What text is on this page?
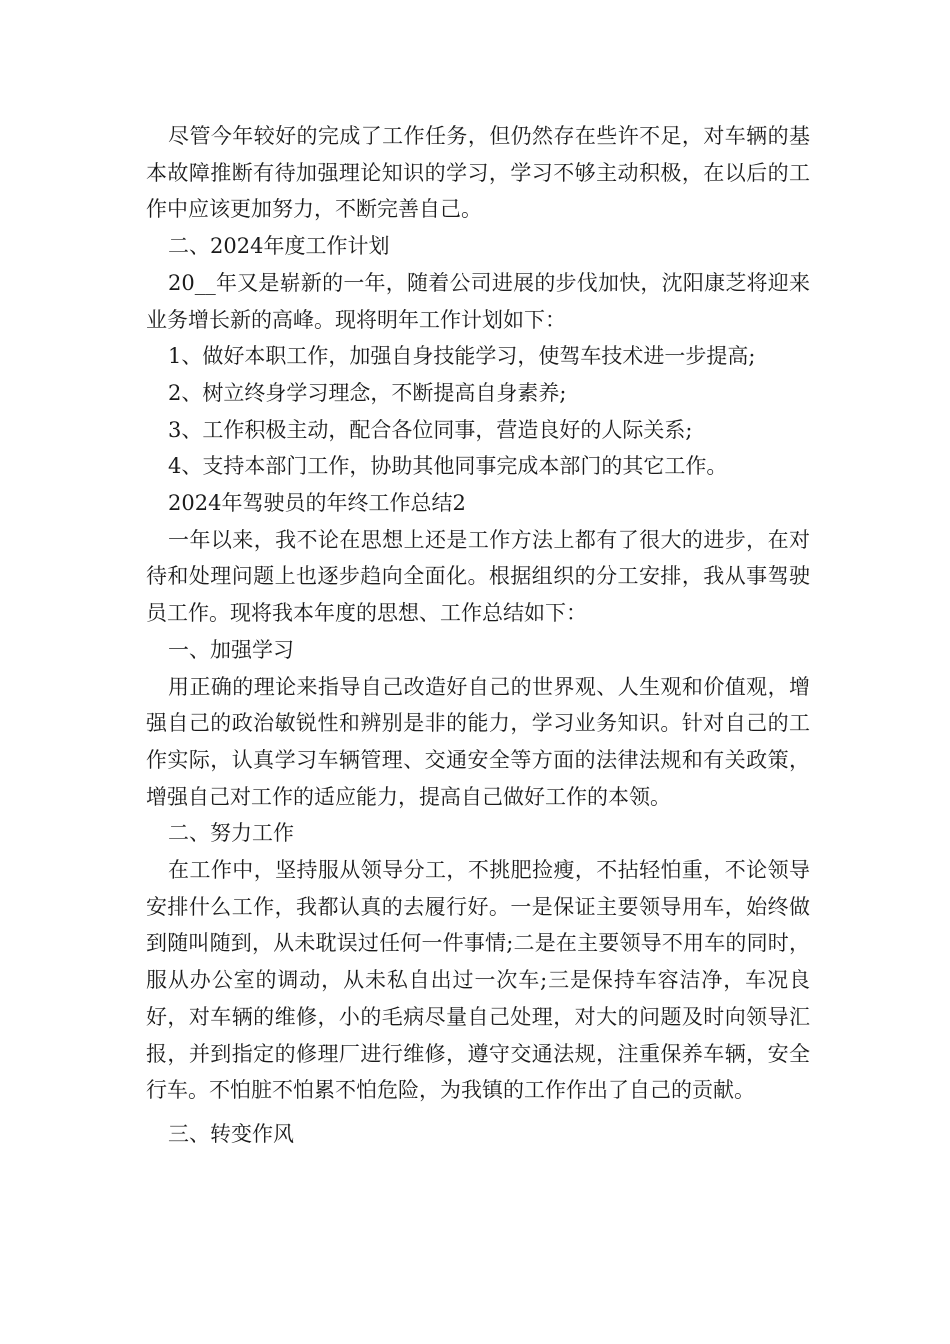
尽管今年较好的完成了工作任务，但仍然存在些许不足，对车辆的基本故障推断有待加强理论知识的学习，学习不够主动积极，在以后的工作中应该更加努力，不断完善自己。

二、2024年度工作计划

20__年又是崭新的一年，随着公司进展的步伐加快，沈阳康芝将迎来业务增长新的高峰。现将明年工作计划如下：

1、做好本职工作，加强自身技能学习，使驾车技术进一步提高;

2、树立终身学习理念，不断提高自身素养;

3、工作积极主动，配合各位同事，营造良好的人际关系;

4、支持本部门工作，协助其他同事完成本部门的其它工作。

2024年驾驶员的年终工作总结2

一年以来，我不论在思想上还是工作方法上都有了很大的进步，在对待和处理问题上也逐步趋向全面化。根据组织的分工安排，我从事驾驶员工作。现将我本年度的思想、工作总结如下：

一、加强学习

用正确的理论来指导自己改造好自己的世界观、人生观和价值观，增强自己的政治敏锐性和辨别是非的能力，学习业务知识。针对自己的工作实际，认真学习车辆管理、交通安全等方面的法律法规和有关政策，增强自己对工作的适应能力，提高自己做好工作的本领。

二、努力工作

在工作中，坚持服从领导分工，不挑肥捡瘦，不拈轻怕重，不论领导安排什么工作，我都认真的去履行好。一是保证主要领导用车，始终做到随叫随到，从未耽误过任何一件事情;二是在主要领导不用车的同时，服从办公室的调动，从未私自出过一次车;三是保持车容洁净，车况良好，对车辆的维修，小的毛病尽量自己处理，对大的问题及时向领导汇报，并到指定的修理厂进行维修，遵守交通法规，注重保养车辆，安全行车。不怕脏不怕累不怕危险，为我镇的工作作出了自己的贡献。

三、转变作风
